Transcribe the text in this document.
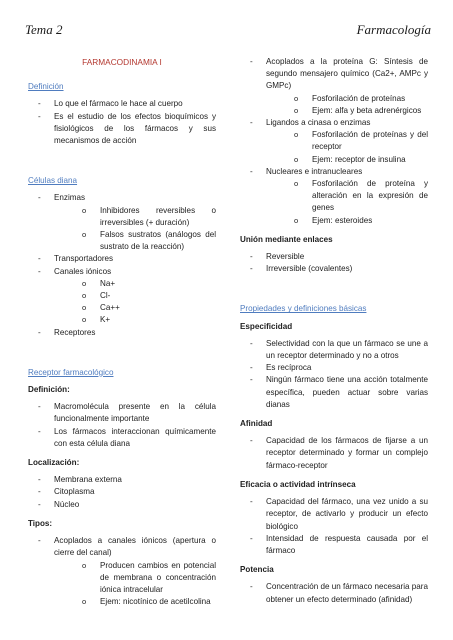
Tema 2	Farmacología
FARMACODINAMIA I
Definición
- Lo que el fármaco le hace al cuerpo
- Es el estudio de los efectos bioquímicos y fisiológicos de los fármacos y sus mecanismos de acción
Células diana
- Enzimas
o Inhibidores reversibles o irreversibles (+ duración)
o Falsos sustratos (análogos del sustrato de la reacción)
- Transportadores
- Canales iónicos
o Na+
o Cl-
o Ca++
o K+
- Receptores
Receptor farmacológico
Definición:
- Macromolécula presente en la célula funcionalmente importante
- Los fármacos interaccionan químicamente con esta célula diana
Localización:
- Membrana externa
- Citoplasma
- Núcleo
Tipos:
- Acoplados a canales iónicos (apertura o cierre del canal)
o Producen cambios en potencial de membrana o concentración iónica intracelular
o Ejem: nicotínico de acetilcolina
- Acoplados a la proteína G: Síntesis de segundo mensajero químico (Ca2+, AMPc y GMPc)
o Fosforilación de proteínas
o Ejem: alfa y beta adrenérgicos
- Ligandos a cinasa o enzimas
o Fosforilación de proteínas y del receptor
o Ejem: receptor de insulina
- Nucleares e intranucleares
o Fosforilación de proteína y alteración en la expresión de genes
o Ejem: esteroides
Unión mediante enlaces
- Reversible
- Irreversible (covalentes)
Propiedades y definiciones básicas
Especificidad
- Selectividad con la que un fármaco se une a un receptor determinado y no a otros
- Es recíproca
- Ningún fármaco tiene una acción totalmente específica, pueden actuar sobre varias dianas
Afinidad
- Capacidad de los fármacos de fijarse a un receptor determinado y formar un complejo fármaco-receptor
Eficacia o actividad intrínseca
- Capacidad del fármaco, una vez unido a su receptor, de activarlo y producir un efecto biológico
- Intensidad de respuesta causada por el fármaco
Potencia
- Concentración de un fármaco necesaria para obtener un efecto determinado (afinidad)
